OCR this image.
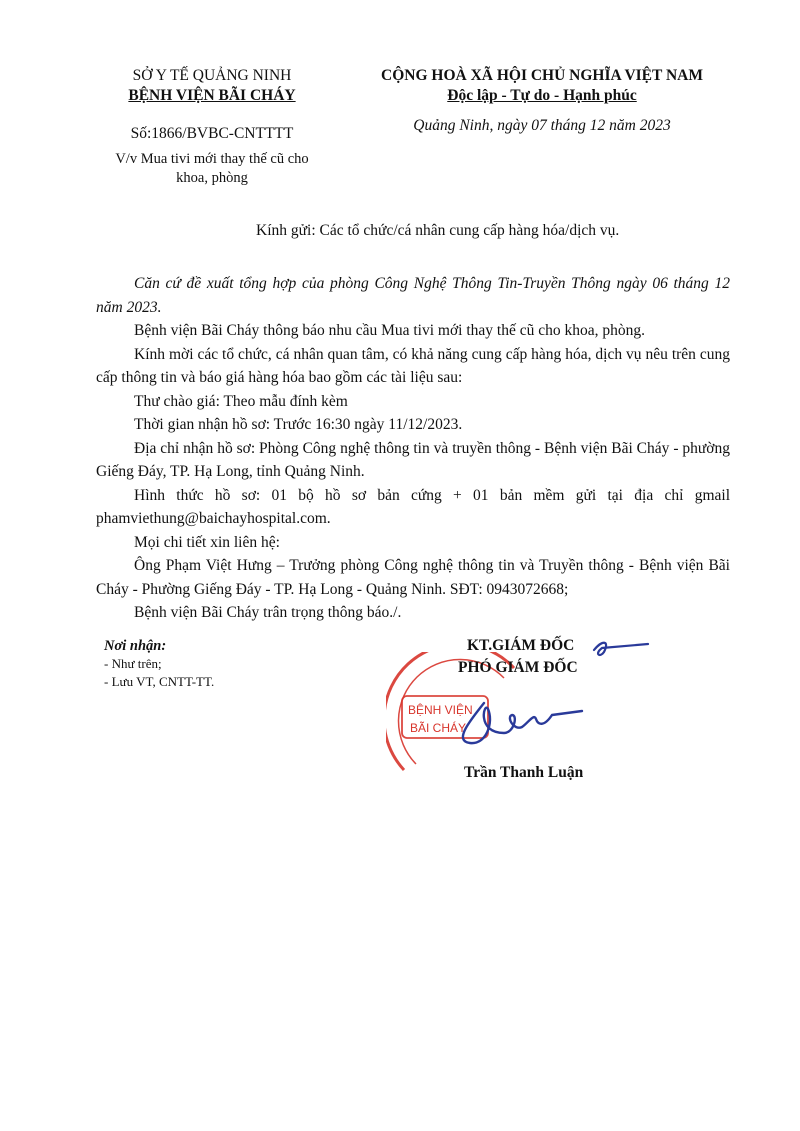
SỞ Y TẾ QUẢNG NINH
BỆNH VIỆN BÃI CHÁY
Số:1866/BVBC-CNTTTT
V/v Mua tivi mới thay thế cũ cho
khoa, phòng
CỘNG HOÀ XÃ HỘI CHỦ NGHĨA VIỆT NAM
Độc lập - Tự do - Hạnh phúc
Quảng Ninh, ngày 07 tháng 12 năm 2023
Kính gửi: Các tổ chức/cá nhân cung cấp hàng hóa/dịch vụ.

Căn cứ đề xuất tổng hợp của phòng Công Nghệ Thông Tin-Truyền Thông ngày 06 tháng 12 năm 2023.

Bệnh viện Bãi Cháy thông báo nhu cầu Mua tivi mới thay thế cũ cho khoa, phòng.

Kính mời các tổ chức, cá nhân quan tâm, có khả năng cung cấp hàng hóa, dịch vụ nêu trên cung cấp thông tin và báo giá hàng hóa bao gồm các tài liệu sau:

Thư chào giá: Theo mẫu đính kèm

Thời gian nhận hồ sơ: Trước 16:30 ngày 11/12/2023.

Địa chỉ nhận hồ sơ: Phòng Công nghệ thông tin và truyền thông - Bệnh viện Bãi Cháy - phường Giếng Đáy, TP. Hạ Long, tỉnh Quảng Ninh.

Hình thức hồ sơ: 01 bộ hồ sơ bản cứng + 01 bản mềm gửi tại địa chỉ gmail phamviethung@baichayhospital.com.

Mọi chi tiết xin liên hệ:

Ông Phạm Việt Hưng – Trưởng phòng Công nghệ thông tin và Truyền thông - Bệnh viện Bãi Cháy - Phường Giếng Đáy - TP. Hạ Long - Quảng Ninh. SĐT: 0943072668;

Bệnh viện Bãi Cháy trân trọng thông báo./.

Nơi nhận:
- Như trên;
- Lưu VT, CNTT-TT.
BỆNH VIỆN
BÃI CHÁY
KT.GIÁM ĐỐC
PHÓ GIÁM ĐỐC
Trần Thanh Luận
